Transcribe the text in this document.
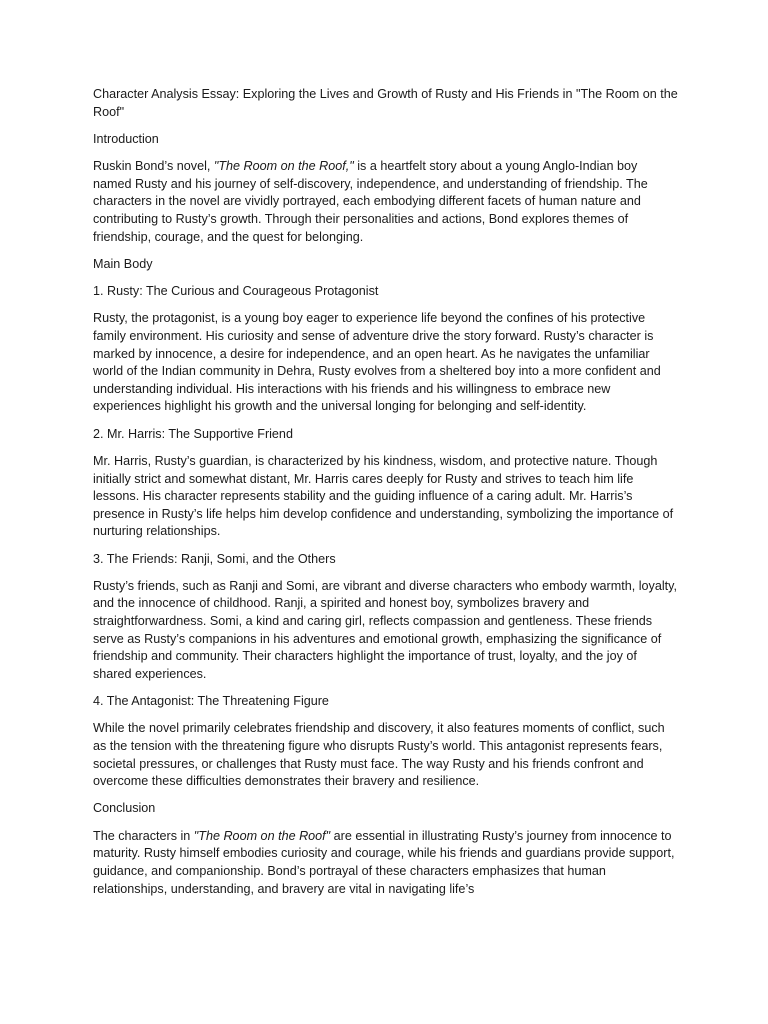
Character Analysis Essay: Exploring the Lives and Growth of Rusty and His Friends in "The Room on the Roof"

Introduction

Ruskin Bond’s novel, "The Room on the Roof," is a heartfelt story about a young Anglo-Indian boy named Rusty and his journey of self-discovery, independence, and understanding of friendship. The characters in the novel are vividly portrayed, each embodying different facets of human nature and contributing to Rusty’s growth. Through their personalities and actions, Bond explores themes of friendship, courage, and the quest for belonging.

Main Body

1. Rusty: The Curious and Courageous Protagonist

Rusty, the protagonist, is a young boy eager to experience life beyond the confines of his protective family environment. His curiosity and sense of adventure drive the story forward. Rusty’s character is marked by innocence, a desire for independence, and an open heart. As he navigates the unfamiliar world of the Indian community in Dehra, Rusty evolves from a sheltered boy into a more confident and understanding individual. His interactions with his friends and his willingness to embrace new experiences highlight his growth and the universal longing for belonging and self-identity.

2. Mr. Harris: The Supportive Friend

Mr. Harris, Rusty’s guardian, is characterized by his kindness, wisdom, and protective nature. Though initially strict and somewhat distant, Mr. Harris cares deeply for Rusty and strives to teach him life lessons. His character represents stability and the guiding influence of a caring adult. Mr. Harris’s presence in Rusty’s life helps him develop confidence and understanding, symbolizing the importance of nurturing relationships.

3. The Friends: Ranji, Somi, and the Others

Rusty’s friends, such as Ranji and Somi, are vibrant and diverse characters who embody warmth, loyalty, and the innocence of childhood. Ranji, a spirited and honest boy, symbolizes bravery and straightforwardness. Somi, a kind and caring girl, reflects compassion and gentleness. These friends serve as Rusty’s companions in his adventures and emotional growth, emphasizing the significance of friendship and community. Their characters highlight the importance of trust, loyalty, and the joy of shared experiences.

4. The Antagonist: The Threatening Figure

While the novel primarily celebrates friendship and discovery, it also features moments of conflict, such as the tension with the threatening figure who disrupts Rusty’s world. This antagonist represents fears, societal pressures, or challenges that Rusty must face. The way Rusty and his friends confront and overcome these difficulties demonstrates their bravery and resilience.

Conclusion

The characters in "The Room on the Roof" are essential in illustrating Rusty’s journey from innocence to maturity. Rusty himself embodies curiosity and courage, while his friends and guardians provide support, guidance, and companionship. Bond’s portrayal of these characters emphasizes that human relationships, understanding, and bravery are vital in navigating life’s
